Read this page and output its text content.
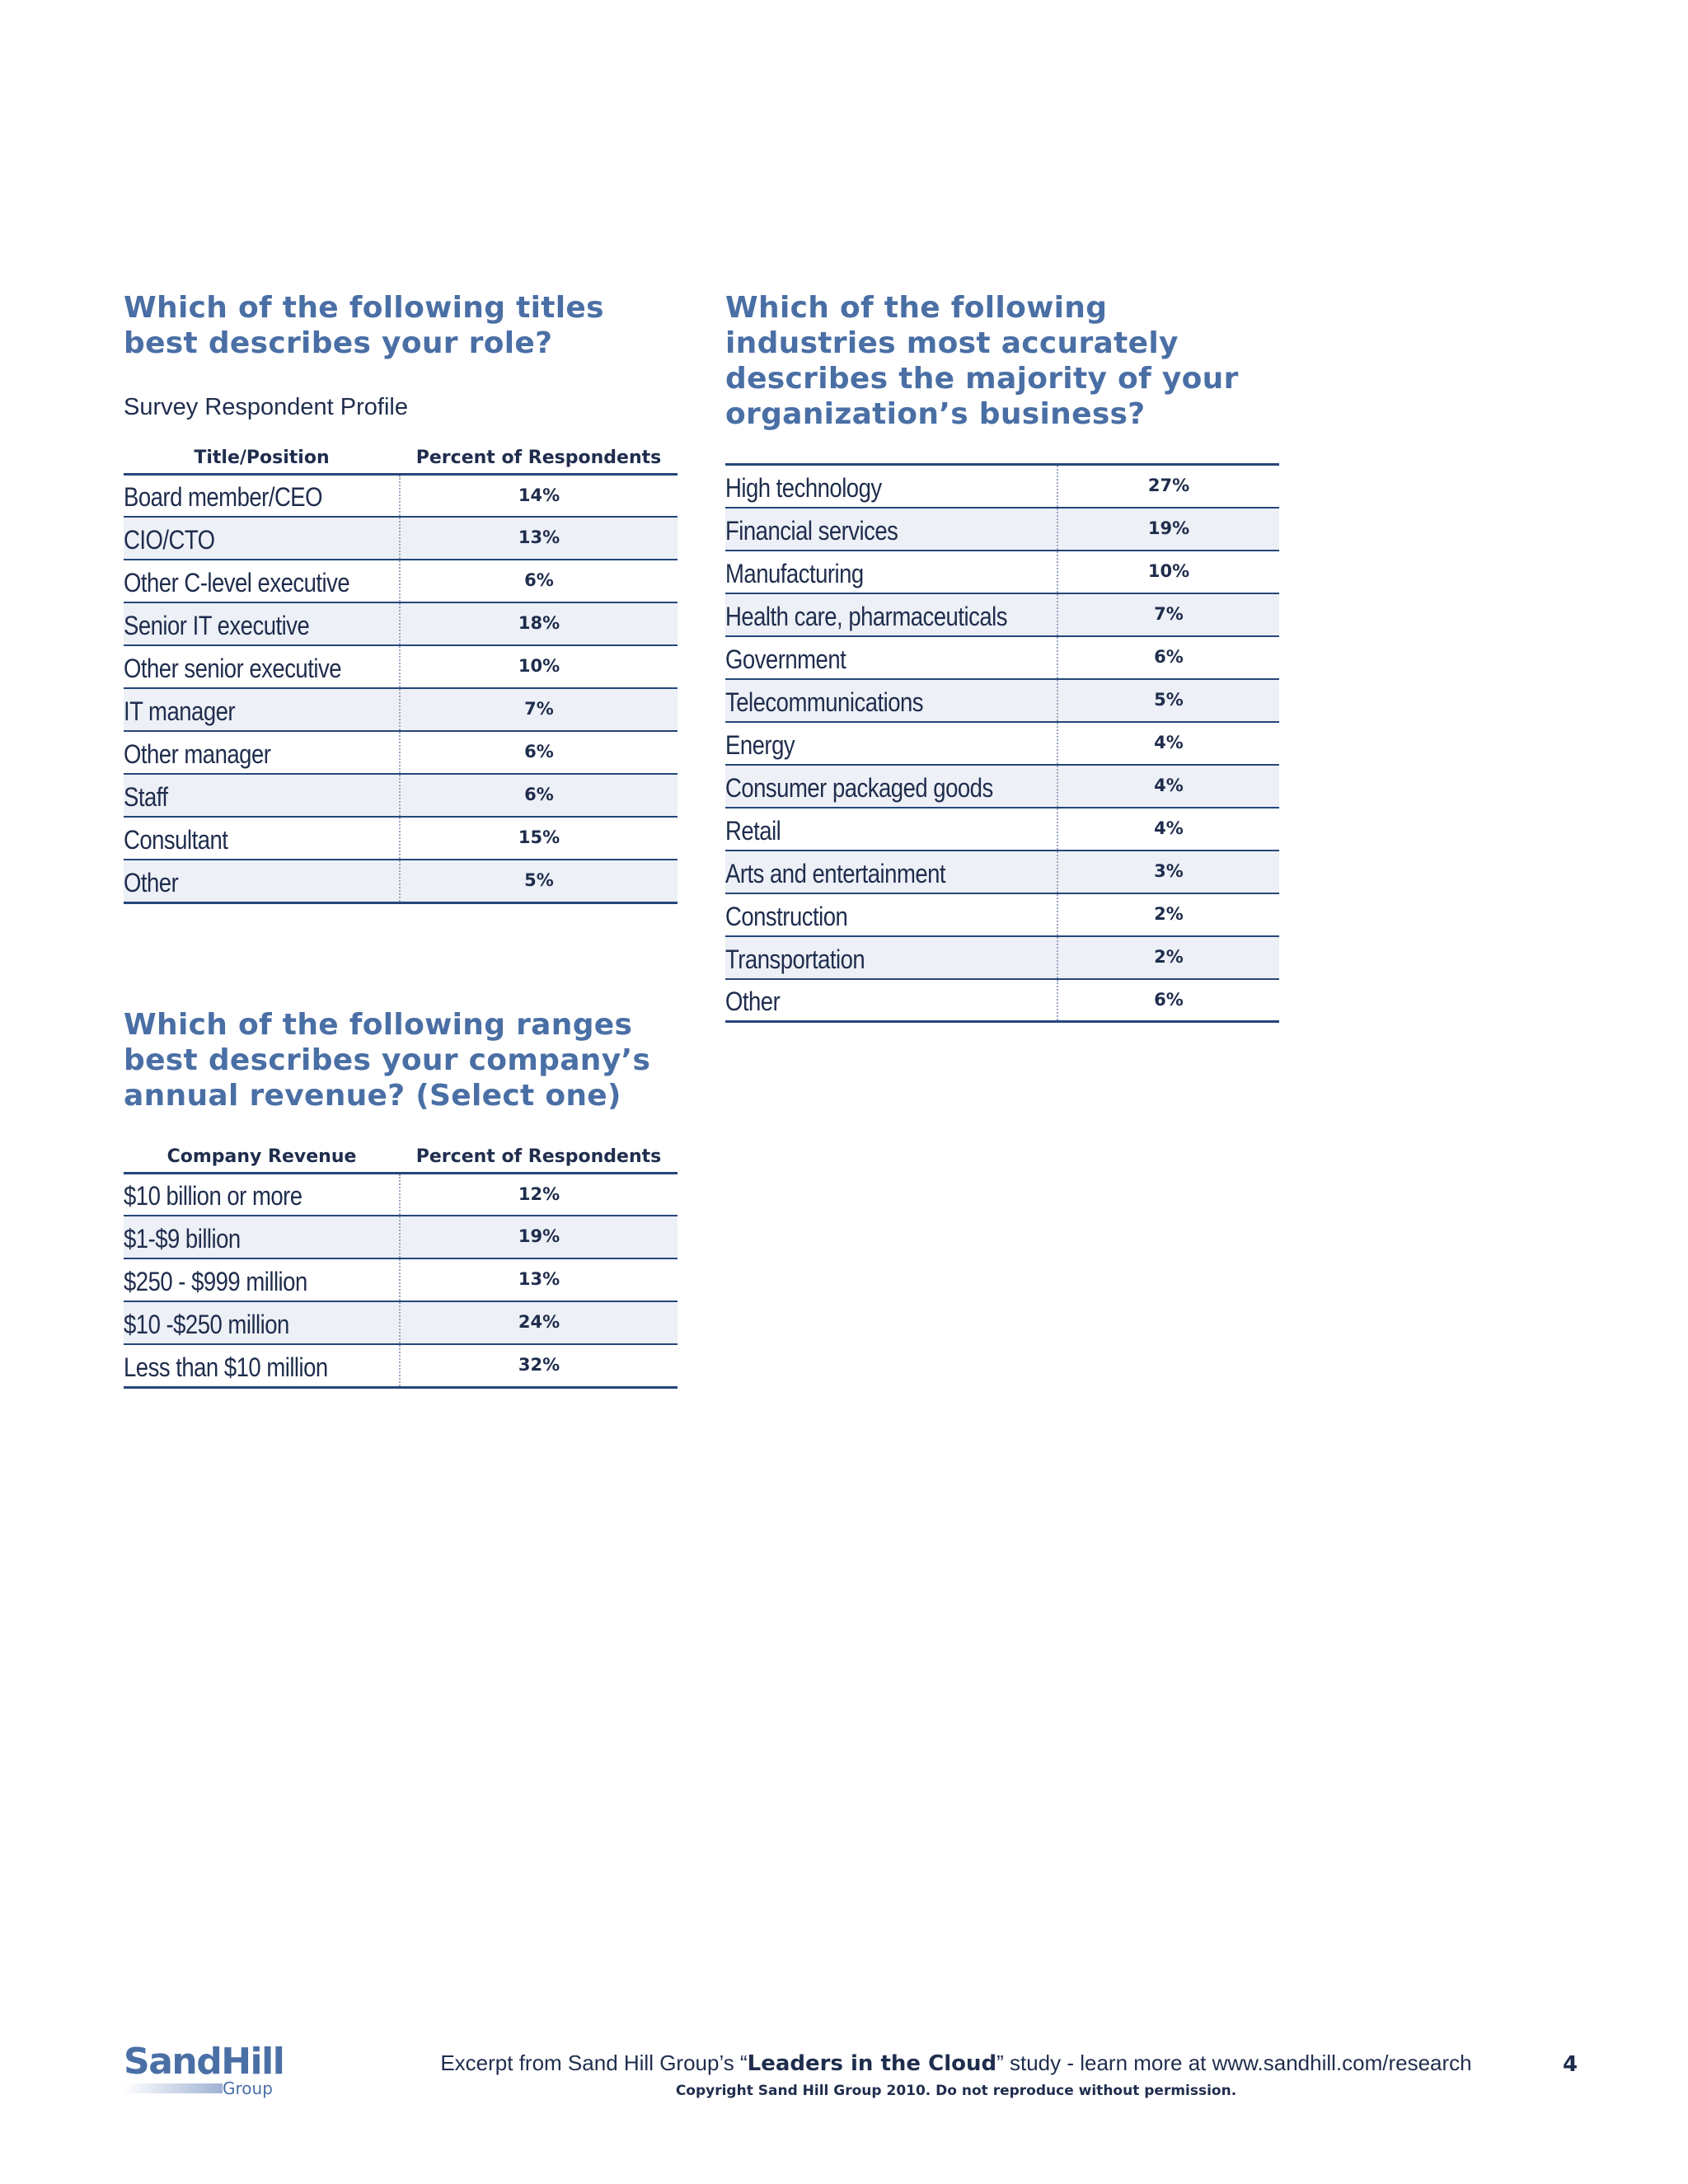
Which of the following titles best describes your role?
Survey Respondent Profile
Title/Position	Percent of Respondents
Board member/CEO	14%
CIO/CTO	13%
Other C-level executive	6%
Senior IT executive	18%
Other senior executive	10%
IT manager	7%
Other manager	6%
Staff	6%
Consultant	15%
Other	5%
Which of the following industries most accurately describes the majority of your organization’s business?
High technology	27%
Financial services	19%
Manufacturing	10%
Health care, pharmaceuticals	7%
Government	6%
Telecommunications	5%
Energy	4%
Consumer packaged goods	4%
Retail	4%
Arts and entertainment	3%
Construction	2%
Transportation	2%
Other	6%
Which of the following ranges best describes your company’s annual revenue? (Select one)
Company Revenue	Percent of Respondents
$10 billion or more	12%
$1-$9 billion	19%
$250 - $999 million	13%
$10 -$250 million	24%
Less than $10 million	32%
SandHill
Group
Excerpt from Sand Hill Group’s “Leaders in the Cloud” study - learn more at www.sandhill.com/research
Copyright Sand Hill Group 2010. Do not reproduce without permission.
4
